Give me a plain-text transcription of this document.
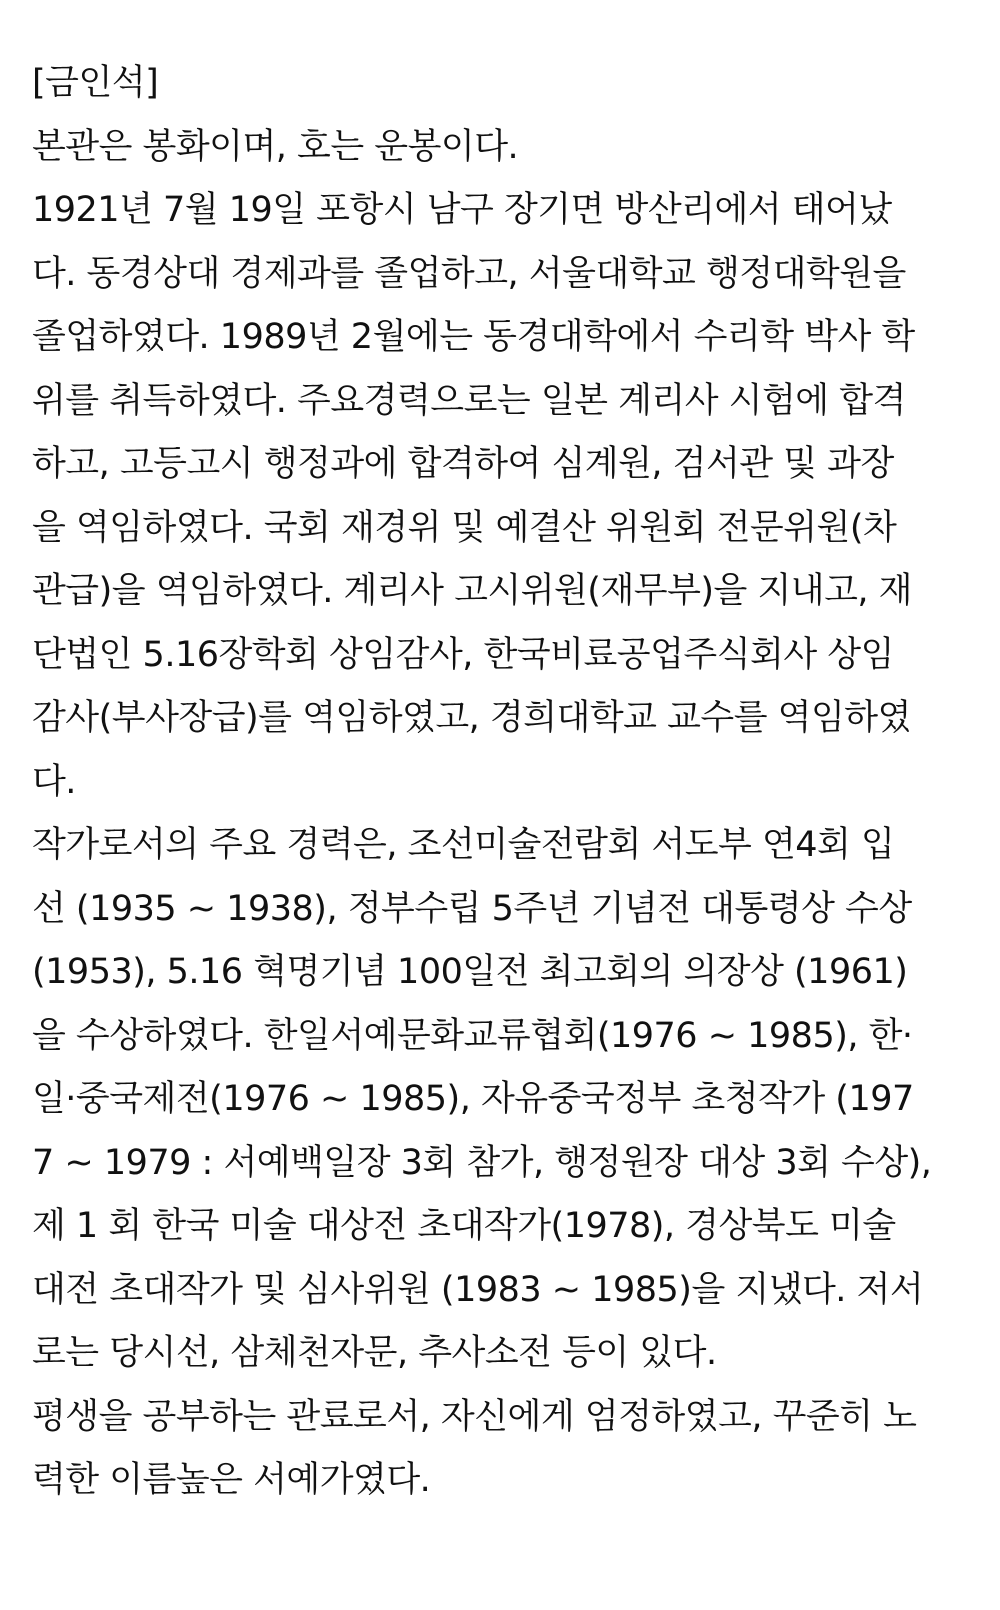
[금인석]
본관은 봉화이며, 호는 운봉이다.
1921년 7월 19일 포항시 남구 장기면 방산리에서 태어났
다. 동경상대 경제과를 졸업하고, 서울대학교 행정대학원을
졸업하였다. 1989년 2월에는 동경대학에서 수리학 박사 학
위를 취득하였다. 주요경력으로는 일본 계리사 시험에 합격
하고, 고등고시 행정과에 합격하여 심계원, 검서관 및 과장
을 역임하였다. 국회 재경위 및 예결산 위원회 전문위원(차
관급)을 역임하였다. 계리사 고시위원(재무부)을 지내고, 재
단법인 5.16장학회 상임감사, 한국비료공업주식회사 상임
감사(부사장급)를 역임하였고, 경희대학교 교수를 역임하였
다.
작가로서의 주요 경력은, 조선미술전람회 서도부 연4회 입
선 (1935 ~ 1938), 정부수립 5주년 기념전 대통령상 수상
(1953), 5.16 혁명기념 100일전 최고회의 의장상 (1961)
을 수상하였다. 한일서예문화교류협회(1976 ~ 1985), 한·
일·중국제전(1976 ~ 1985), 자유중국정부 초청작가 (197
7 ~ 1979 : 서예백일장 3회 참가, 행정원장 대상 3회 수상),
제 1 회 한국 미술 대상전 초대작가(1978), 경상북도 미술
대전 초대작가 및 심사위원 (1983 ~ 1985)을 지냈다. 저서
로는 당시선, 삼체천자문, 추사소전 등이 있다.
평생을 공부하는 관료로서, 자신에게 엄정하였고, 꾸준히 노
력한 이름높은 서예가였다.
